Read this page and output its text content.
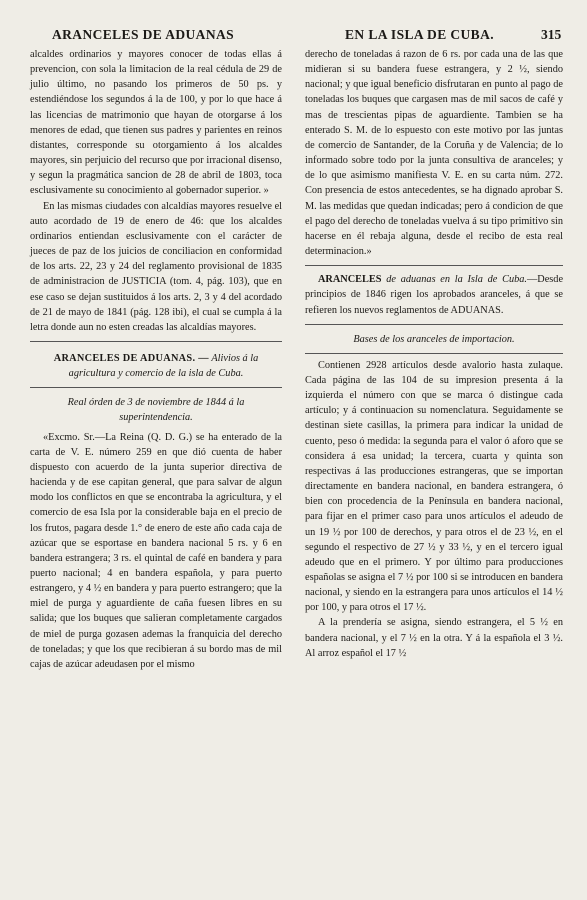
ARANCELES DE ADUANAS	EN LA ISLA DE CUBA.	315

alcaldes ordinarios y mayores conocer de todas ellas á prevencion, con sola la limitacion de la real cédula de 29 de julio último, no pasando los primeros de 50 ps. y estendiéndose los segundos á la de 100, y por lo que hace á las licencias de matrimonio que hayan de otorgarse á los menores de edad, que tienen sus padres y parientes en reinos distantes, corresponde su otorgamiento á los alcaldes mayores, sin perjuicio del recurso que por irracional disenso, y segun la pragmática sancion de 28 de abril de 1803, toca esclusivamente su conocimiento al gobernador superior. »

En las mismas ciudades con alcaldías mayores resuelve el auto acordado de 19 de enero de 46: que los alcaldes ordinarios entiendan esclusivamente con el carácter de jueces de paz de los juicios de conciliacion en conformidad de los arts. 22, 23 y 24 del reglamento provisional de 1835 de administracion de JUSTICIA (tom. 4, pág. 103), que en ese caso se dejan sustituidos á los arts. 2, 3 y 4 del acordado de 21 de mayo de 1841 (pág. 128 ibi), el cual se cumpla á la letra donde aun no esten creadas las alcaldías mayores.

ARANCELES DE ADUANAS. — Alivios á la agricultura y comercio de la isla de Cuba.

Real órden de 3 de noviembre de 1844 á la superintendencia.

«Excmo. Sr.—La Reina (Q. D. G.) se ha enterado de la carta de V. E. número 259 en que dió cuenta de haber dispuesto con acuerdo de la junta superior directiva de hacienda y de ese capitan general, que para salvar de algun modo los conflictos en que se encontraba la agricultura, y el comercio de esa Isla por la considerable baja en el precio de los frutos, pagara desde 1.° de enero de este año cada caja de azúcar que se esportase en bandera nacional 5 rs. y 6 en bandera estrangera; 3 rs. el quintal de café en bandera y para puerto nacional; 4 en bandera española, y para puerto estrangero, y 4 ½ en bandera y para puerto estrangero; que la miel de purga y aguardiente de caña fuesen libres en su salida; que los buques que salieran completamente cargados de miel de purga gozasen ademas la franquicia del derecho de toneladas; y que los que recibieran á su bordo mas de mil cajas de azúcar adeudasen por el mismo

derecho de toneladas á razon de 6 rs. por cada una de las que midieran si su bandera fuese estrangera, y 2 ½, siendo nacional; y que igual beneficio disfrutaran en punto al pago de toneladas los buques que cargasen mas de mil sacos de café y mas de trescientas pipas de aguardiente. Tambien se ha enterado S. M. de lo espuesto con este motivo por las juntas de comercio de Santander, de la Coruña y de Valencia; de lo informado sobre todo por la junta consultiva de aranceles; y de lo que asimismo manifiesta V. E. en su carta núm. 272. Con presencia de estos antecedentes, se ha dignado aprobar S. M. las medidas que quedan indicadas; pero á condicion de que el pago del derecho de toneladas vuelva á su tipo primitivo sin hacerse en él rebaja alguna, desde el recibo de esta real determinacion.»

ARANCELES de aduanas en la Isla de Cuba.—Desde principios de 1846 rigen los aprobados aranceles, á que se refieren los nuevos reglamentos de ADUANAS.

Bases de los aranceles de importacion.

Contienen 2928 artículos desde avalorio hasta zulaque. Cada página de las 104 de su impresion presenta á la izquierda el número con que se marca ó distingue cada artículo; y á continuacion su nomenclatura. Seguidamente se destinan siete casillas, la primera para indicar la unidad de cuento, peso ó medida: la segunda para el valor ó aforo que se considera á esa unidad; la tercera, cuarta y quinta son respectivas á las producciones estrangeras, que se importan directamente en bandera nacional, en bandera estrangera, ó bien con procedencia de la Península en bandera nacional, para fijar en el primer caso para unos artículos el adeudo de un 19 ½ por 100 de derechos, y para otros el de 23 ½, en el segundo el respectivo de 27 ½ y 33 ½, y en el tercero igual adeudo que en el primero. Y por último para producciones españolas se asigna el 7 ½ por 100 si se introducen en bandera nacional, y siendo en la estrangera para unos artículos el 14 ½ por 100, y para otros el 17 ½.

A la prendería se asigna, siendo estrangera, el 5 ½ en bandera nacional, y el 7 ½ en la otra. Y á la española el 3 ½. Al arroz español el 17 ½
